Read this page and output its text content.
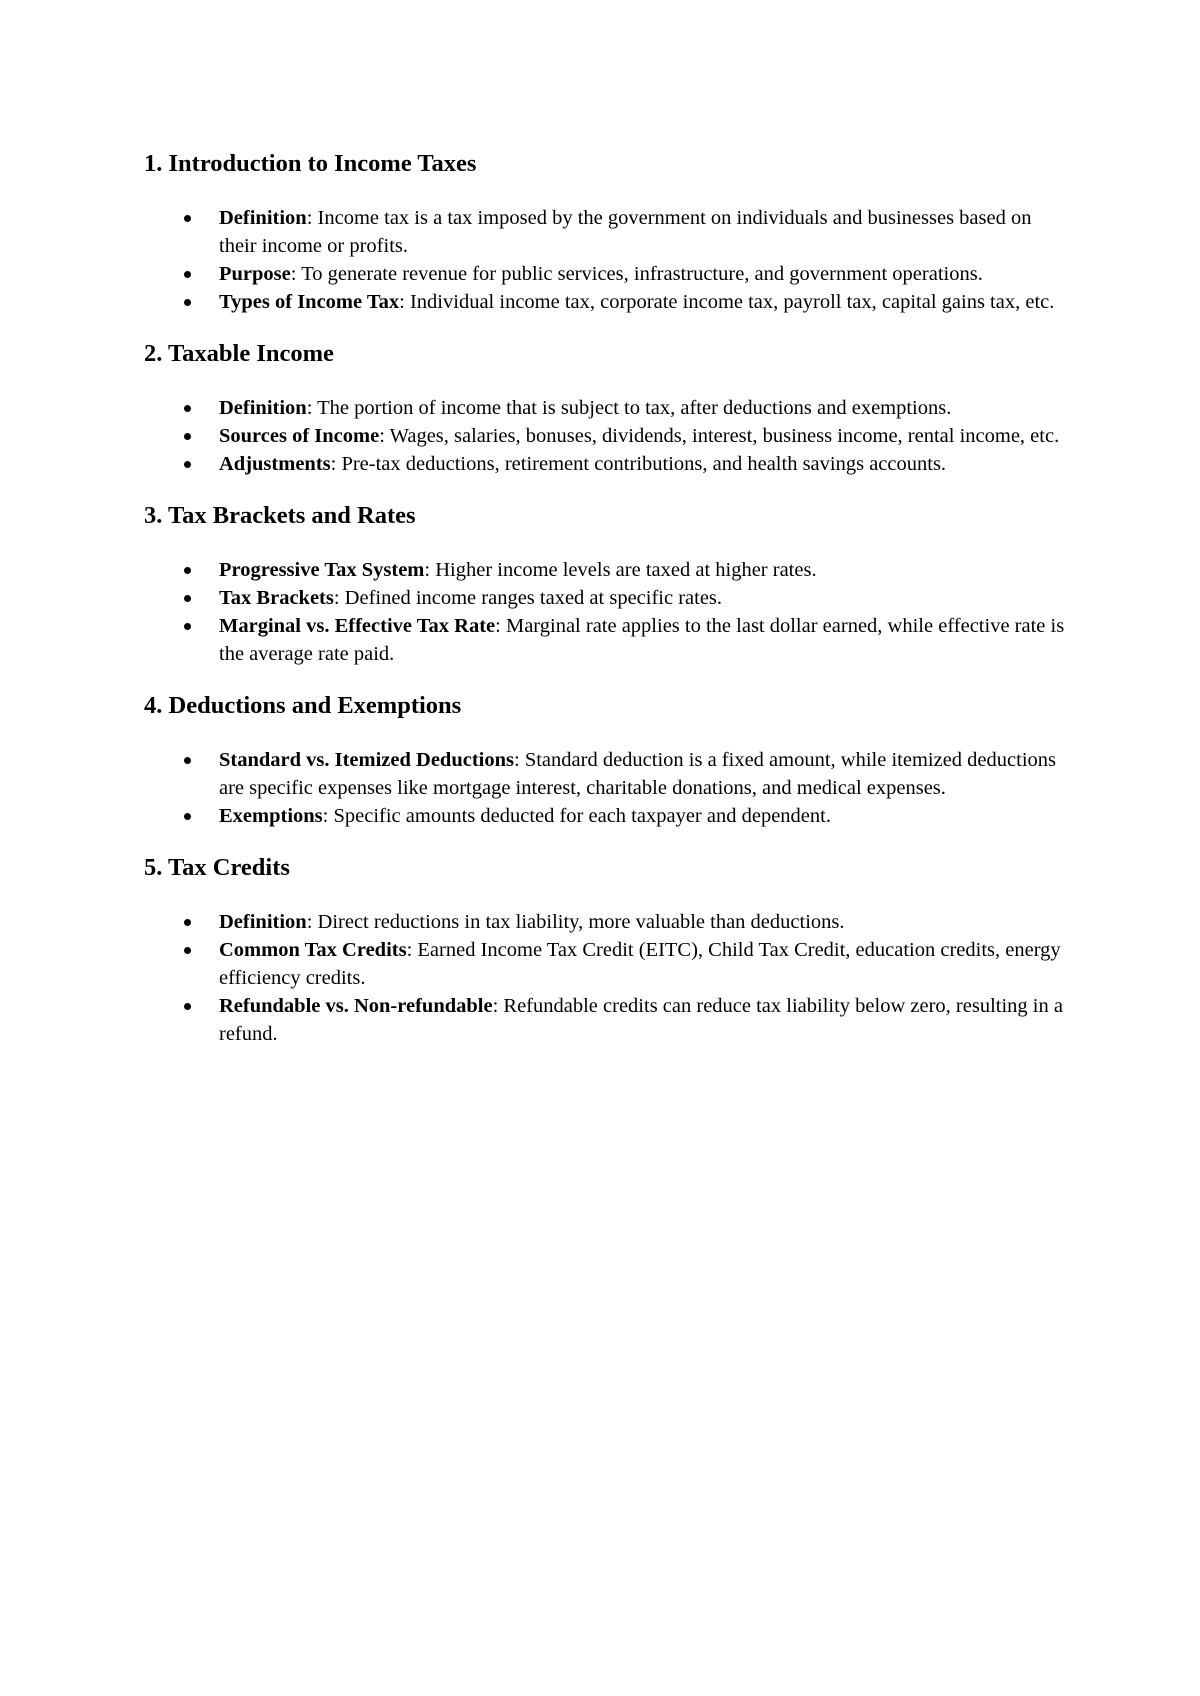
1. Introduction to Income Taxes
Definition: Income tax is a tax imposed by the government on individuals and businesses based on their income or profits.
Purpose: To generate revenue for public services, infrastructure, and government operations.
Types of Income Tax: Individual income tax, corporate income tax, payroll tax, capital gains tax, etc.
2. Taxable Income
Definition: The portion of income that is subject to tax, after deductions and exemptions.
Sources of Income: Wages, salaries, bonuses, dividends, interest, business income, rental income, etc.
Adjustments: Pre-tax deductions, retirement contributions, and health savings accounts.
3. Tax Brackets and Rates
Progressive Tax System: Higher income levels are taxed at higher rates.
Tax Brackets: Defined income ranges taxed at specific rates.
Marginal vs. Effective Tax Rate: Marginal rate applies to the last dollar earned, while effective rate is the average rate paid.
4. Deductions and Exemptions
Standard vs. Itemized Deductions: Standard deduction is a fixed amount, while itemized deductions are specific expenses like mortgage interest, charitable donations, and medical expenses.
Exemptions: Specific amounts deducted for each taxpayer and dependent.
5. Tax Credits
Definition: Direct reductions in tax liability, more valuable than deductions.
Common Tax Credits: Earned Income Tax Credit (EITC), Child Tax Credit, education credits, energy efficiency credits.
Refundable vs. Non-refundable: Refundable credits can reduce tax liability below zero, resulting in a refund.
